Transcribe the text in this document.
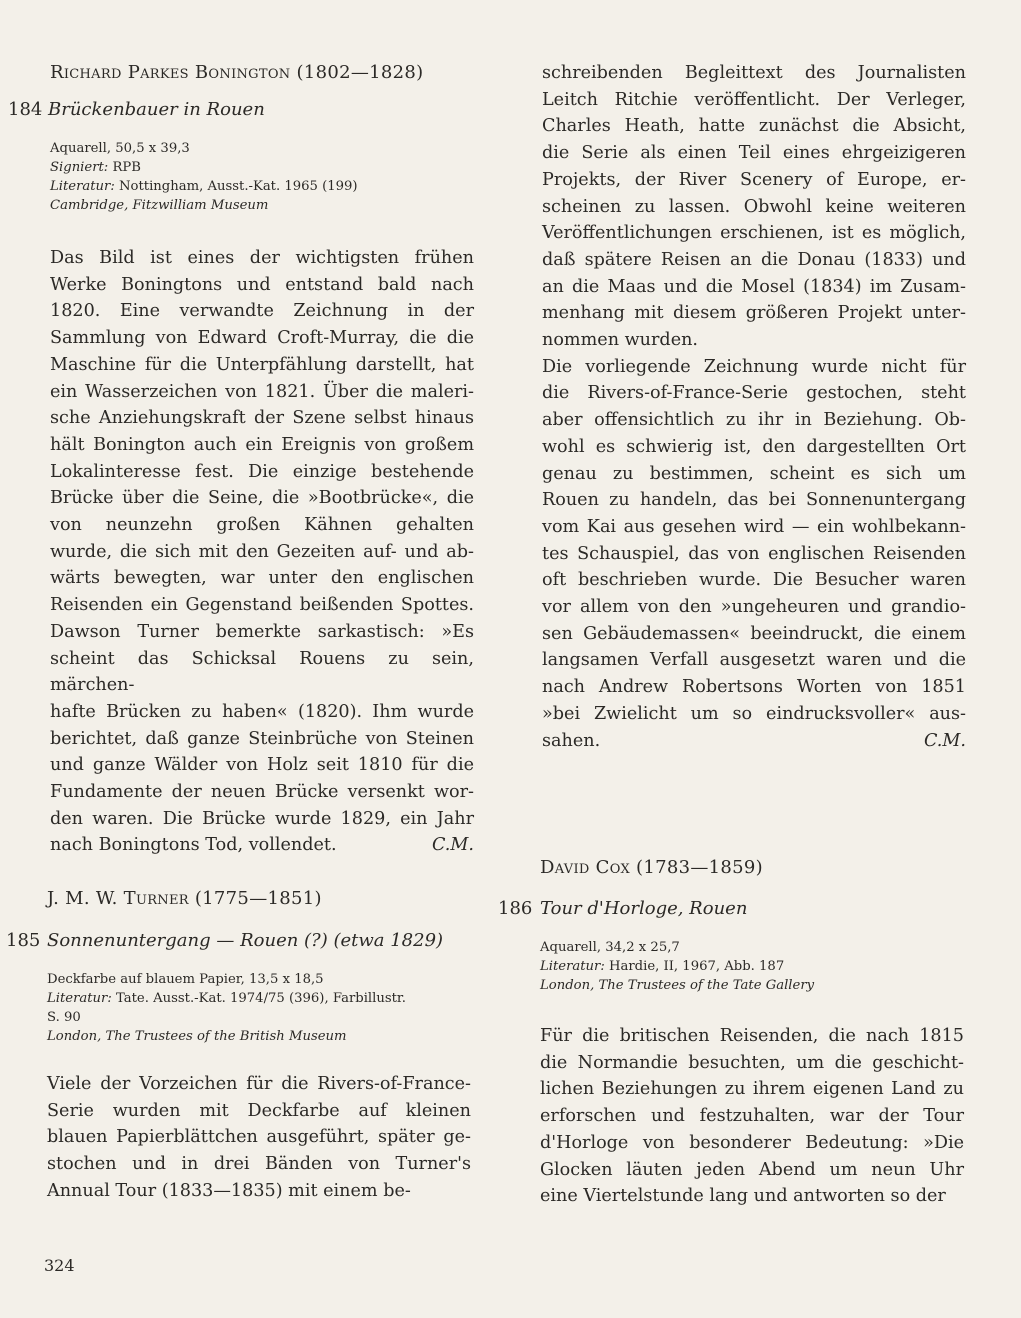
Richard Parkes Bonington (1802—1828)
184 Brückenbauer in Rouen
Aquarell, 50,5 x 39,3
Signiert: RPB
Literatur: Nottingham, Ausst.-Kat. 1965 (199)
Cambridge, Fitzwilliam Museum
Das Bild ist eines der wichtigsten frühen
Werke Boningtons und entstand bald nach
1820. Eine verwandte Zeichnung in der
Sammlung von Edward Croft-Murray, die die
Maschine für die Unterpfählung darstellt, hat
ein Wasserzeichen von 1821. Über die maleri-
sche Anziehungskraft der Szene selbst hinaus
hält Bonington auch ein Ereignis von großem
Lokalinteresse fest. Die einzige bestehende
Brücke über die Seine, die »Bootbrücke«, die
von neunzehn großen Kähnen gehalten
wurde, die sich mit den Gezeiten auf- und ab-
wärts bewegten, war unter den englischen
Reisenden ein Gegenstand beißenden Spottes.
Dawson Turner bemerkte sarkastisch: »Es
scheint das Schicksal Rouens zu sein, märchen-
hafte Brücken zu haben« (1820). Ihm wurde
berichtet, daß ganze Steinbrüche von Steinen
und ganze Wälder von Holz seit 1810 für die
Fundamente der neuen Brücke versenkt wor-
den waren. Die Brücke wurde 1829, ein Jahr
nach Boningtons Tod, vollendet.	C.M.
J. M. W. Turner (1775—1851)
185 Sonnenuntergang — Rouen (?) (etwa 1829)
Deckfarbe auf blauem Papier, 13,5 x 18,5
Literatur: Tate. Ausst.-Kat. 1974/75 (396), Farbillustr.
S. 90
London, The Trustees of the British Museum
Viele der Vorzeichen für die Rivers-of-France-
Serie wurden mit Deckfarbe auf kleinen
blauen Papierblättchen ausgeführt, später ge-
stochen und in drei Bänden von Turner's
Annual Tour (1833—1835) mit einem be-
324
schreibenden Begleittext des Journalisten
Leitch Ritchie veröffentlicht. Der Verleger,
Charles Heath, hatte zunächst die Absicht,
die Serie als einen Teil eines ehrgeizigeren
Projekts, der River Scenery of Europe, er-
scheinen zu lassen. Obwohl keine weiteren
Veröffentlichungen erschienen, ist es möglich,
daß spätere Reisen an die Donau (1833) und
an die Maas und die Mosel (1834) im Zusam-
menhang mit diesem größeren Projekt unter-
nommen wurden.
Die vorliegende Zeichnung wurde nicht für
die Rivers-of-France-Serie gestochen, steht
aber offensichtlich zu ihr in Beziehung. Ob-
wohl es schwierig ist, den dargestellten Ort
genau zu bestimmen, scheint es sich um
Rouen zu handeln, das bei Sonnenuntergang
vom Kai aus gesehen wird — ein wohlbekann-
tes Schauspiel, das von englischen Reisenden
oft beschrieben wurde. Die Besucher waren
vor allem von den »ungeheuren und grandio-
sen Gebäudemassen« beeindruckt, die einem
langsamen Verfall ausgesetzt waren und die
nach Andrew Robertsons Worten von 1851
»bei Zwielicht um so eindrucksvoller« aus-
sahen.	C.M.
David Cox (1783—1859)
186 Tour d'Horloge, Rouen
Aquarell, 34,2 x 25,7
Literatur: Hardie, II, 1967, Abb. 187
London, The Trustees of the Tate Gallery
Für die britischen Reisenden, die nach 1815
die Normandie besuchten, um die geschicht-
lichen Beziehungen zu ihrem eigenen Land zu
erforschen und festzuhalten, war der Tour
d'Horloge von besonderer Bedeutung: »Die
Glocken läuten jeden Abend um neun Uhr
eine Viertelstunde lang und antworten so der
